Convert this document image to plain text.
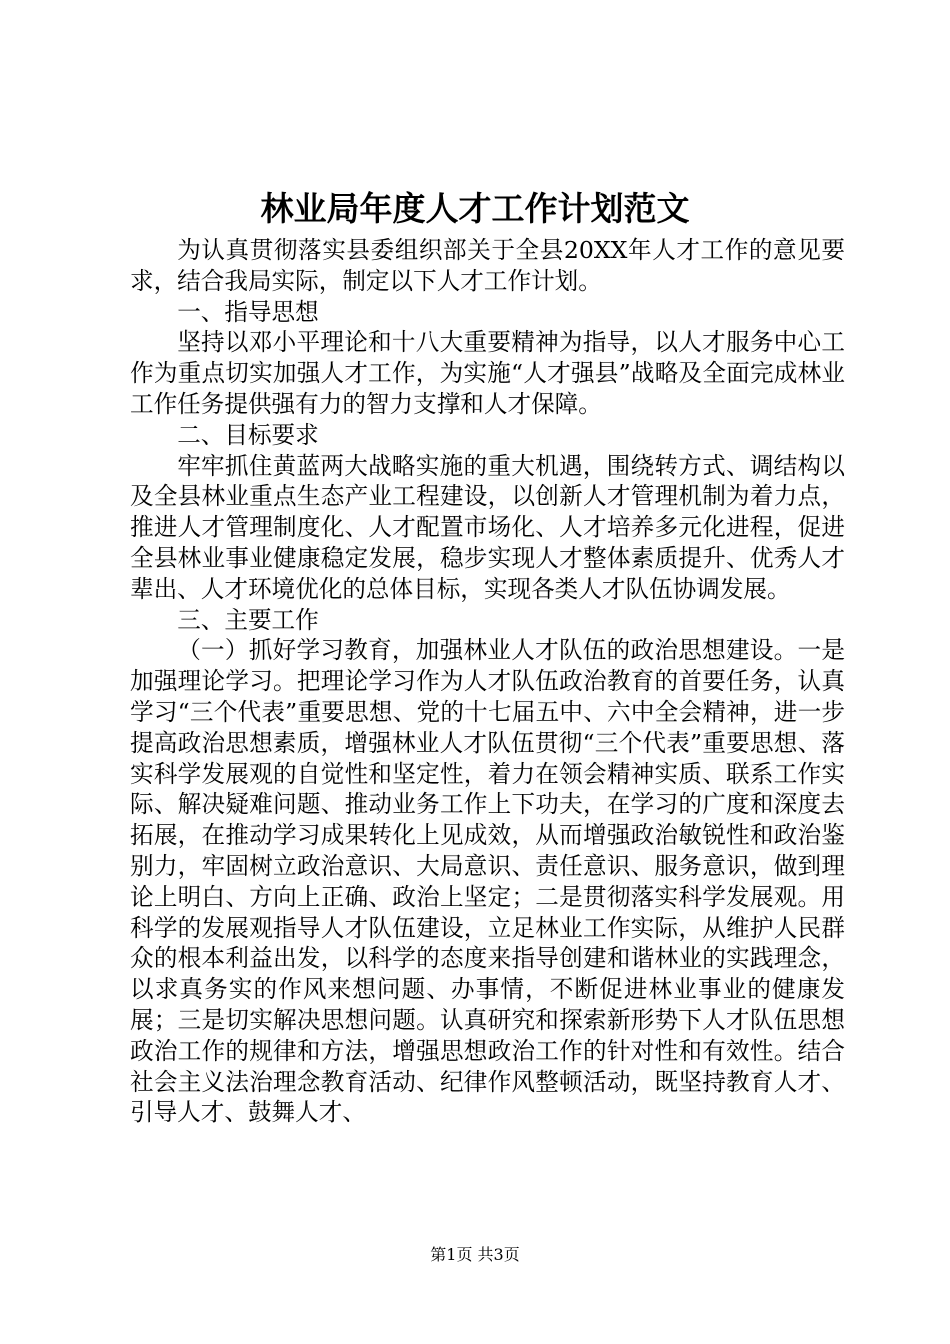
林业局年度人才工作计划范文

为认真贯彻落实县委组织部关于全县20XX年人才工作的意见要求，结合我局实际，制定以下人才工作计划。

一、指导思想

坚持以邓小平理论和十八大重要精神为指导，以人才服务中心工作为重点切实加强人才工作，为实施“人才强县”战略及全面完成林业工作任务提供强有力的智力支撑和人才保障。

二、目标要求

牢牢抓住黄蓝两大战略实施的重大机遇，围绕转方式、调结构以及全县林业重点生态产业工程建设，以创新人才管理机制为着力点，推进人才管理制度化、人才配置市场化、人才培养多元化进程，促进全县林业事业健康稳定发展，稳步实现人才整体素质提升、优秀人才辈出、人才环境优化的总体目标，实现各类人才队伍协调发展。

三、主要工作

（一）抓好学习教育，加强林业人才队伍的政治思想建设。一是加强理论学习。把理论学习作为人才队伍政治教育的首要任务，认真学习“三个代表”重要思想、党的十七届五中、六中全会精神，进一步提高政治思想素质，增强林业人才队伍贯彻“三个代表”重要思想、落实科学发展观的自觉性和坚定性，着力在领会精神实质、联系工作实际、解决疑难问题、推动业务工作上下功夫，在学习的广度和深度去拓展，在推动学习成果转化上见成效，从而增强政治敏锐性和政治鉴别力，牢固树立政治意识、大局意识、责任意识、服务意识，做到理论上明白、方向上正确、政治上坚定；二是贯彻落实科学发展观。用科学的发展观指导人才队伍建设，立足林业工作实际，从维护人民群众的根本利益出发，以科学的态度来指导创建和谐林业的实践理念，以求真务实的作风来想问题、办事情，不断促进林业事业的健康发展；三是切实解决思想问题。认真研究和探索新形势下人才队伍思想政治工作的规律和方法，增强思想政治工作的针对性和有效性。结合社会主义法治理念教育活动、纪律作风整顿活动，既坚持教育人才、引导人才、鼓舞人才、

第1页 共3页
